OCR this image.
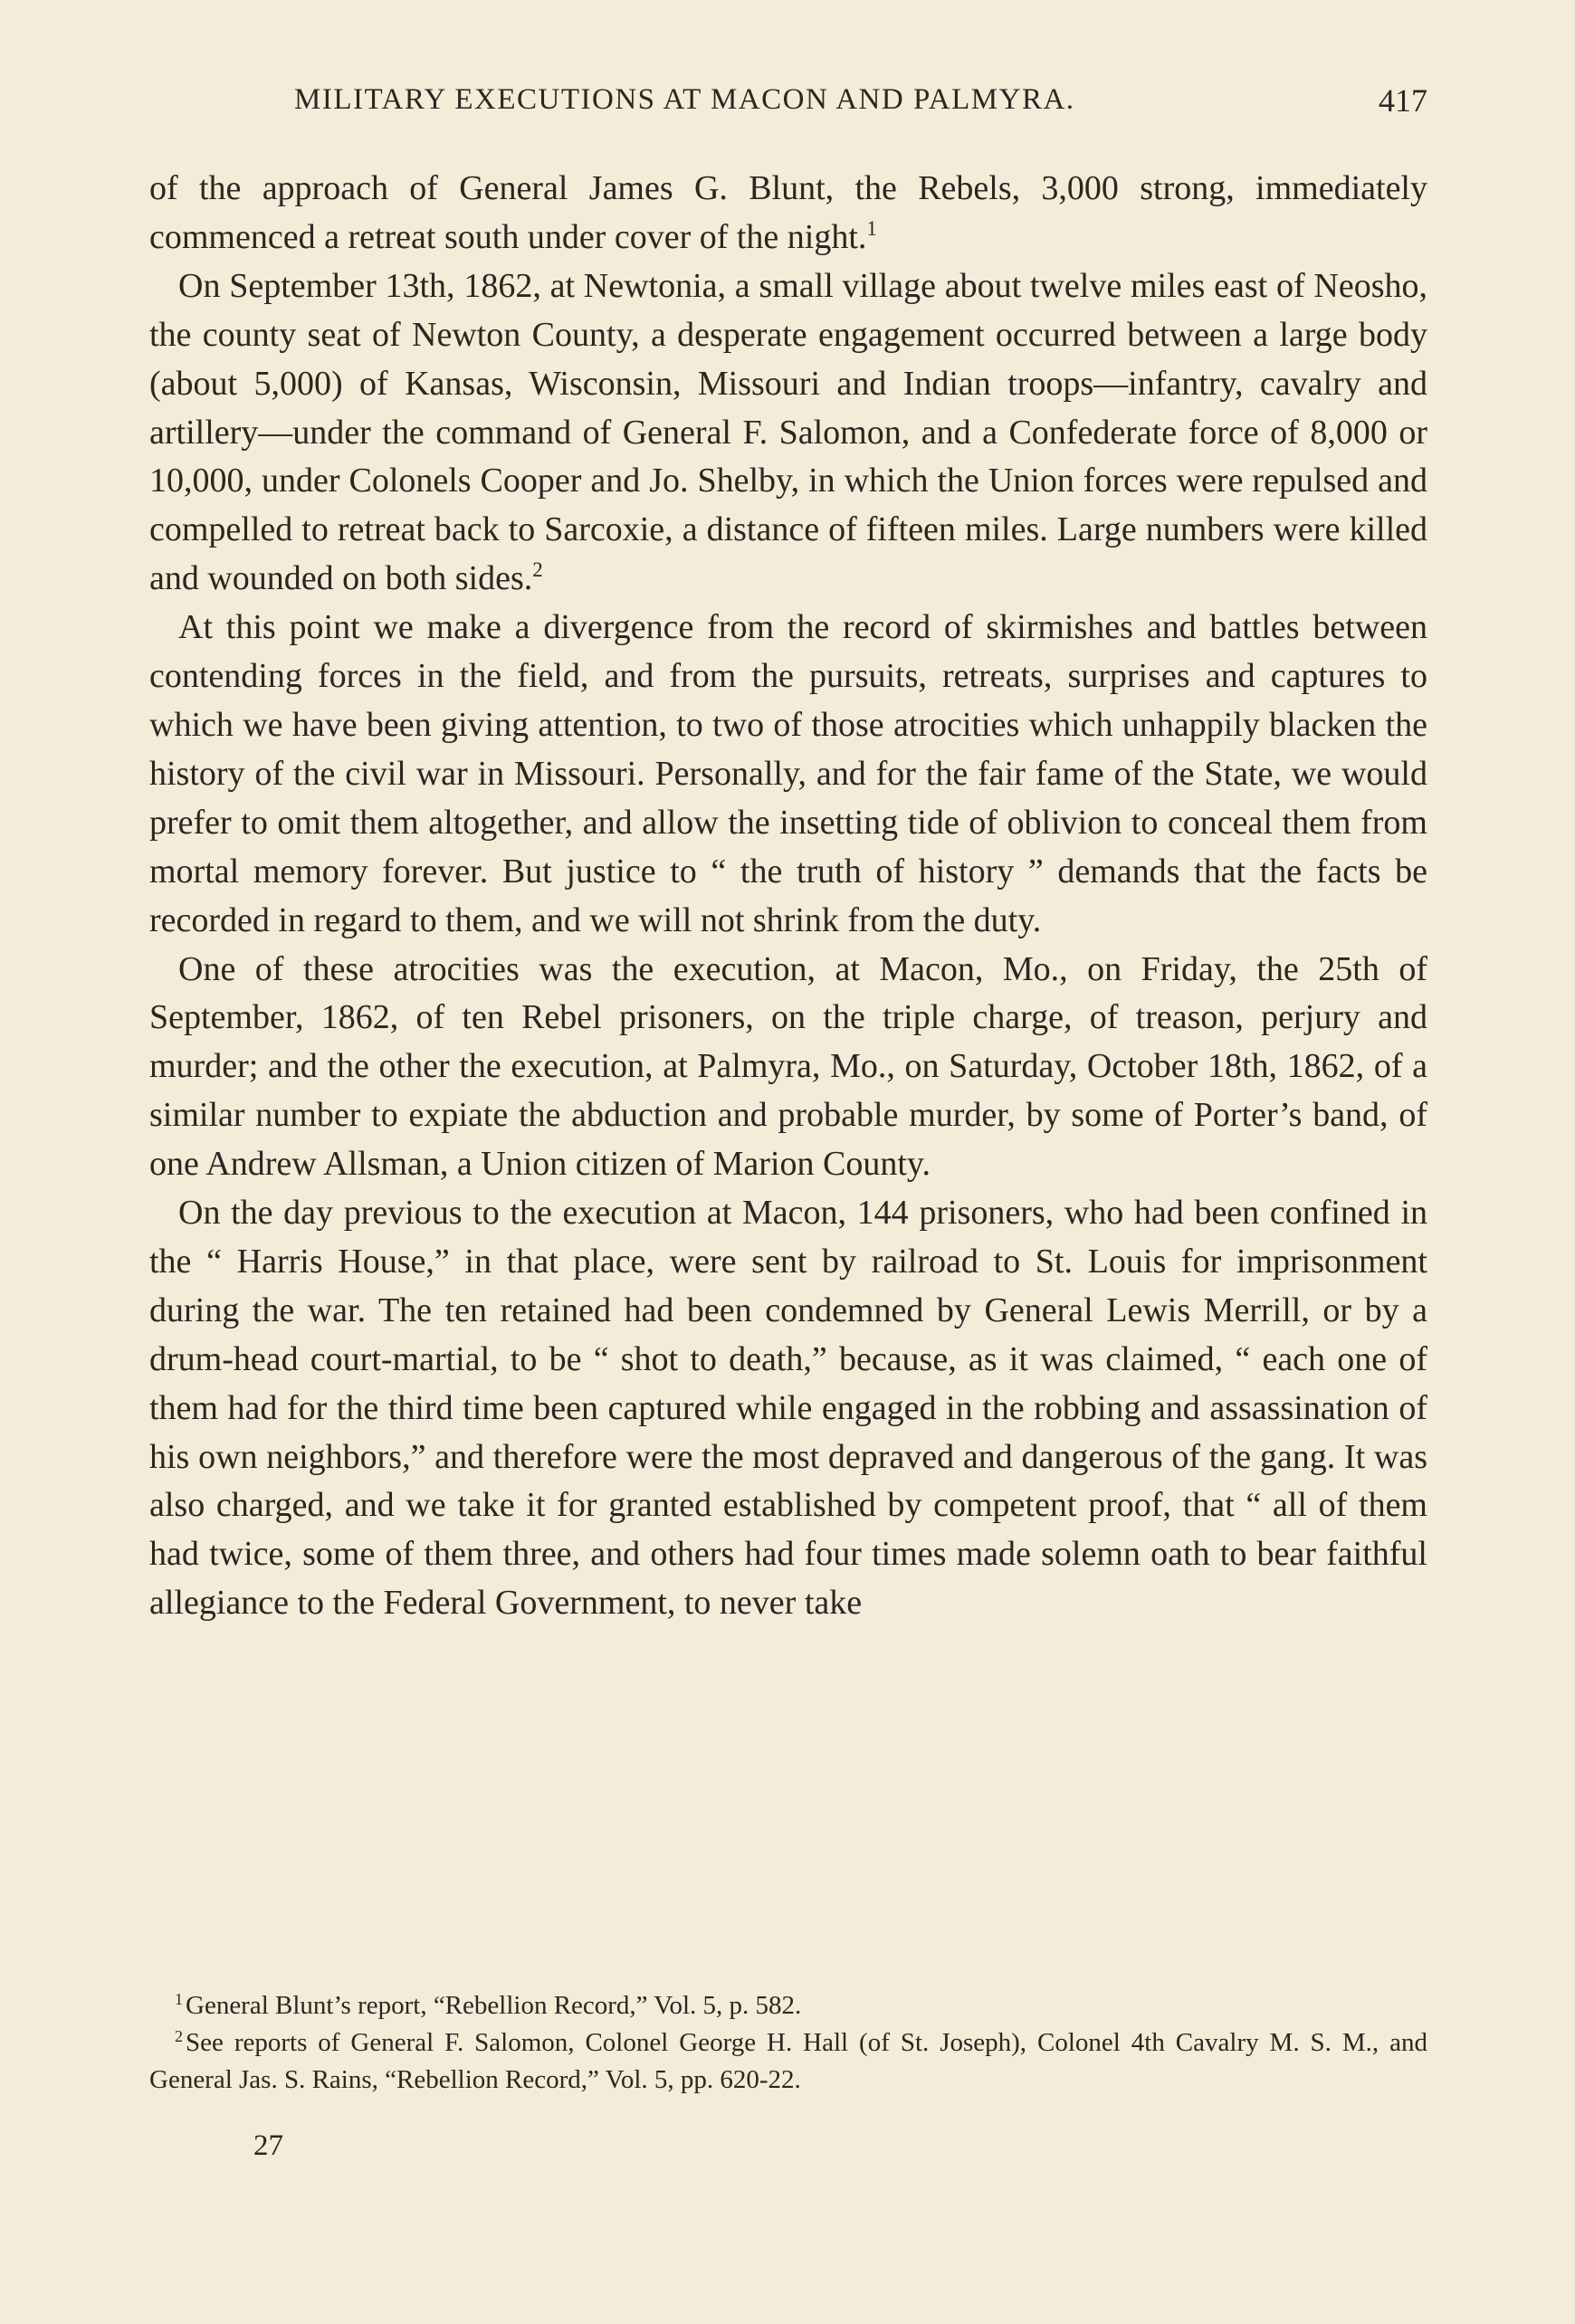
MILITARY EXECUTIONS AT MACON AND PALMYRA.	417

of the approach of General James G. Blunt, the Rebels, 3,000 strong, immediately commenced a retreat south under cover of the night.$^1$

On September 13th, 1862, at Newtonia, a small village about twelve miles east of Neosho, the county seat of Newton County, a desperate engagement occurred between a large body (about 5,000) of Kansas, Wisconsin, Missouri and Indian troops—infantry, cavalry and artillery—under the command of General F. Salomon, and a Confederate force of 8,000 or 10,000, under Colonels Cooper and Jo. Shelby, in which the Union forces were repulsed and compelled to retreat back to Sarcoxie, a distance of fifteen miles. Large numbers were killed and wounded on both sides.$^2$

At this point we make a divergence from the record of skirmishes and battles between contending forces in the field, and from the pursuits, retreats, surprises and captures to which we have been giving attention, to two of those atrocities which unhappily blacken the history of the civil war in Missouri. Personally, and for the fair fame of the State, we would prefer to omit them altogether, and allow the insetting tide of oblivion to conceal them from mortal memory forever. But justice to “ the truth of history ” demands that the facts be recorded in regard to them, and we will not shrink from the duty.

One of these atrocities was the execution, at Macon, Mo., on Friday, the 25th of September, 1862, of ten Rebel prisoners, on the triple charge, of treason, perjury and murder; and the other the execution, at Palmyra, Mo., on Saturday, October 18th, 1862, of a similar number to expiate the abduction and probable murder, by some of Porter’s band, of one Andrew Allsman, a Union citizen of Marion County.

On the day previous to the execution at Macon, 144 prisoners, who had been confined in the “ Harris House,” in that place, were sent by railroad to St. Louis for imprisonment during the war. The ten retained had been condemned by General Lewis Merrill, or by a drum-head court-martial, to be “ shot to death,” because, as it was claimed, “ each one of them had for the third time been captured while engaged in the robbing and assassination of his own neighbors,” and therefore were the most depraved and dangerous of the gang. It was also charged, and we take it for granted established by competent proof, that “ all of them had twice, some of them three, and others had four times made solemn oath to bear faithful allegiance to the Federal Government, to never take

$^1$ General Blunt’s report, “Rebellion Record,” Vol. 5, p. 582.

$^2$ See reports of General F. Salomon, Colonel George H. Hall (of St. Joseph), Colonel 4th Cavalry M. S. M., and General Jas. S. Rains, “Rebellion Record,” Vol. 5, pp. 620-22.

27
